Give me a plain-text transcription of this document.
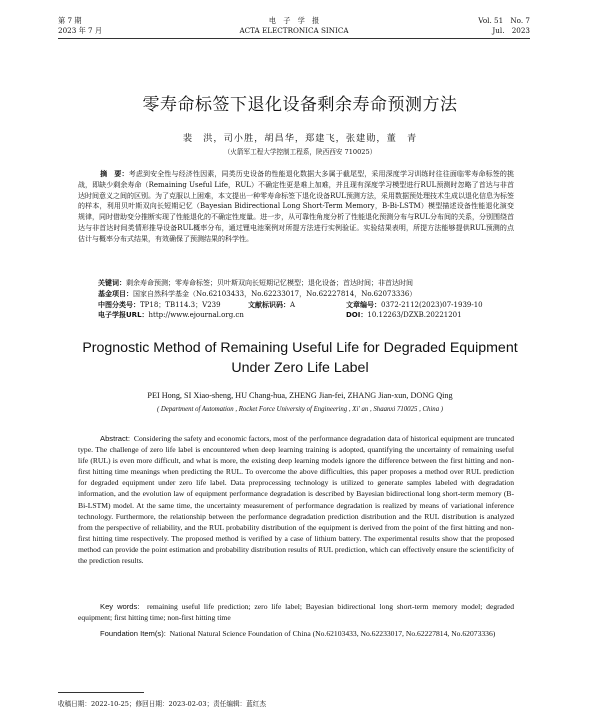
第 7 期
2023 年 7 月
电　子　学　报
ACTA ELECTRONICA SINICA
Vol. 51　No. 7
Jul.　2023
零寿命标签下退化设备剩余寿命预测方法
裴　洪，司小胜，胡昌华，郑建飞，张建勋，董　青
（火箭军工程大学控制工程系，陕西西安 710025）
摘　要：考虑到安全性与经济性因素，同类历史设备的性能退化数据大多属于截尾型，采用深度学习训练时往往面临零寿命标签的挑战，即缺少剩余寿命（Remaining Useful Life，RUL）不确定性更是难上加难，并且现有深度学习模型进行RUL预测时忽略了首达与非首达时间意义之间的区别。为了克服以上困难，本文提出一种零寿命标签下退化设备RUL预测方法，采用数据预处理技术生成以退化信息为标签的样本，利用贝叶斯双向长短期记忆（Bayesian Bidirectional Long Short-Term Memory，B-Bi-LSTM）模型描述设备性能退化演变规律，同时借助变分推断实现了性能退化的不确定性度量。进一步，从可靠性角度分析了性能退化预测分布与RUL分布间的关系，分别围绕首达与非首达时间类情形推导设备RUL概率分布，通过锂电池案例对所提方法进行实例验证。实验结果表明，所提方法能够提供RUL预测的点估计与概率分布式结果，有效确保了预测结果的科学性。
关键词：剩余寿命预测；零寿命标签；贝叶斯双向长短期记忆模型；退化设备；首达时间；非首达时间
基金项目：国家自然科学基金（No.62103433，No.62233017，No.62227814，No.62073336）
中图分类号：TP18；TB114.3；V239	文献标识码：A	文章编号：0372-2112(2023)07-1939-10
电子学报URL：http://www.ejournal.org.cn	DOI：10.12263/DZXB.20221201
Prognostic Method of Remaining Useful Life for Degraded Equipment
Under Zero Life Label
PEI Hong, SI Xiao-sheng, HU Chang-hua, ZHENG Jian-fei, ZHANG Jian-xun, DONG Qing
( Department of Automation , Rocket Force University of Engineering , Xi' an , Shaanxi 710025 , China )
Abstract: Considering the safety and economic factors, most of the performance degradation data of historical equipment are truncated type. The challenge of zero life label is encountered when deep learning training is adopted, quantifying the uncertainty of remaining useful life (RUL) is even more difficult, and what is more, the existing deep learning models ignore the difference between the first hitting and non-first hitting time meanings when predicting the RUL. To overcome the above difficulties, this paper proposes a method over RUL prediction for degraded equipment under zero life label. Data preprocessing technology is utilized to generate samples labeled with degradation information, and the evolution law of equipment performance degradation is described by Bayesian bidirectional long short-term memory (B-Bi-LSTM) model. At the same time, the uncertainty measurement of performance degradation is realized by means of variational inference technology. Furthermore, the relationship between the performance degradation prediction distribution and the RUL distribution is analyzed from the perspective of reliability, and the RUL probability distribution of the equipment is derived from the point of the first hitting and non-first hitting time respectively. The proposed method is verified by a case of lithium battery. The experimental results show that the proposed method can provide the point estimation and probability distribution results of RUL prediction, which can effectively ensure the scientificity of the prediction results.
Key words: remaining useful life prediction; zero life label; Bayesian bidirectional long short-term memory model; degraded equipment; first hitting time; non-first hitting time
Foundation Item(s): National Natural Science Foundation of China (No.62103433, No.62233017, No.62227814, No.62073336)
收稿日期：2022-10-25；修回日期：2023-02-03；责任编辑：蓝红杰
